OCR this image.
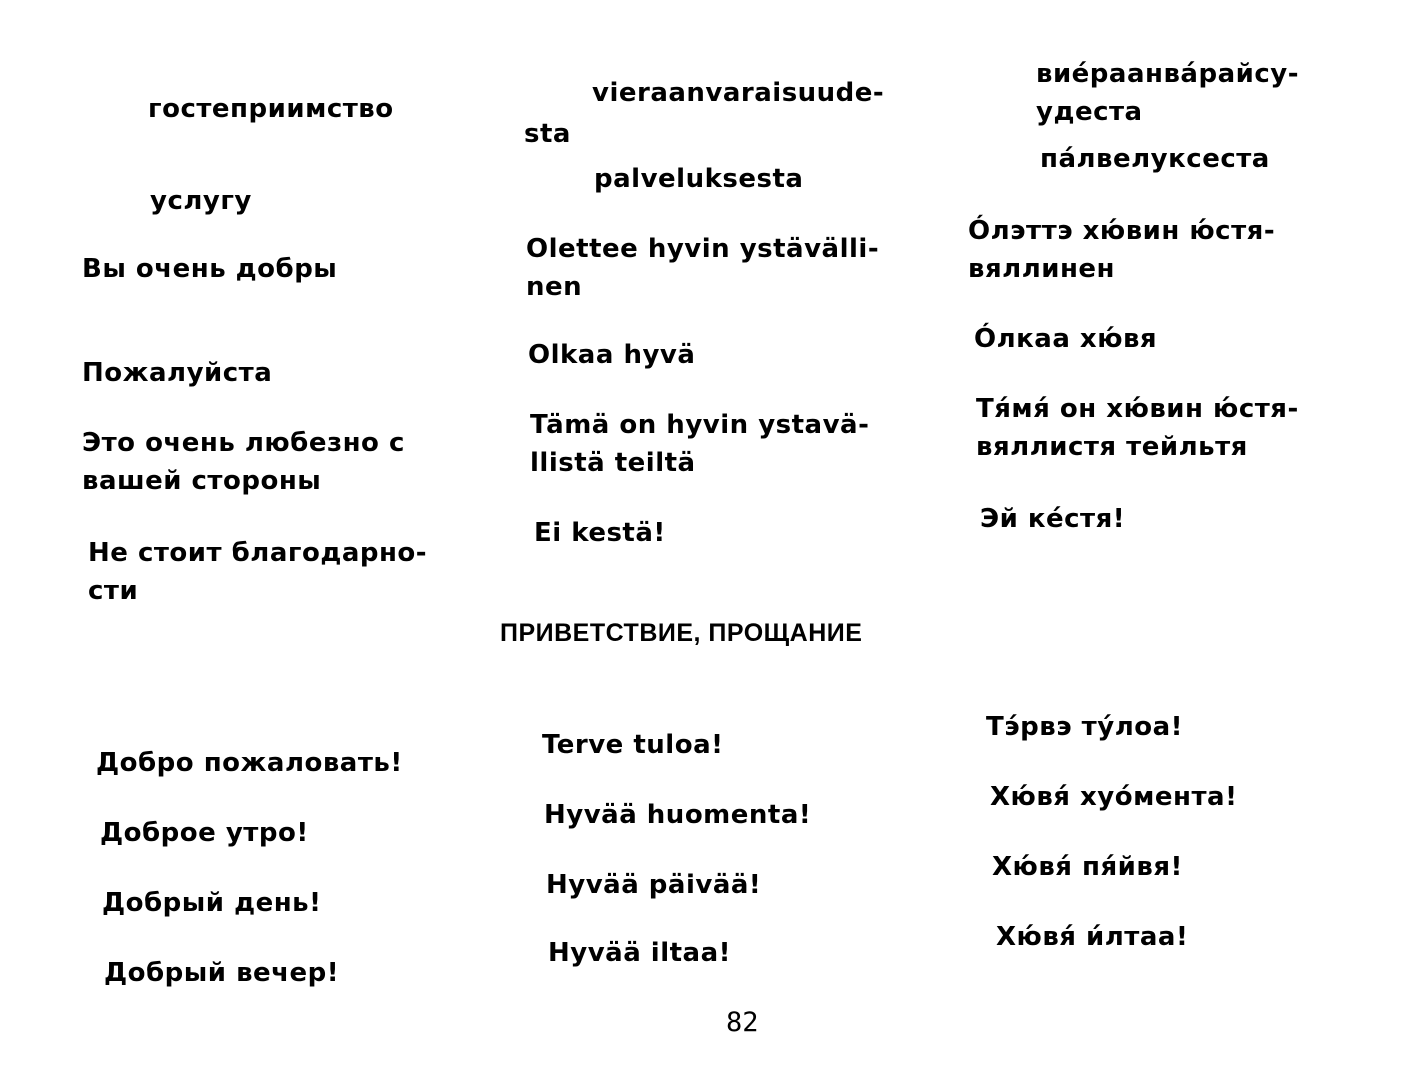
гостеприимство
услугу
Вы очень добры
Пожалуйста
Это очень любезно с
вашей стороны
Не стоит благодарно-
сти
vieraanvaraisuude-
sta
palveluksesta
Olettee hyvin ystävälli-
nen
Olkaa hyvä
Tämä on hyvin ystavä-
llistä teiltä
Ei kestä!
виéраанвáрайсу-
удеста
пáлвелуксеста
Óлэттэ хю́вин ю́стя-
вяллинен
Óлкаа хю́вя
Тя́мя́ он хю́вин ю́стя-
вяллистя тейльтя
Эй кéстя!
ПРИВЕТСТВИЕ, ПРОЩАНИЕ
Добро пожаловать!
Доброе утро!
Добрый день!
Добрый вечер!
Terve tuloa!
Hyvää huomenta!
Hyvää päivää!
Hyvää iltaa!
Тэ́рвэ тýлоа!
Хю́вя́ хуóмента!
Хю́вя́ пя́йвя!
Хю́вя́ и́лтаа!
82
